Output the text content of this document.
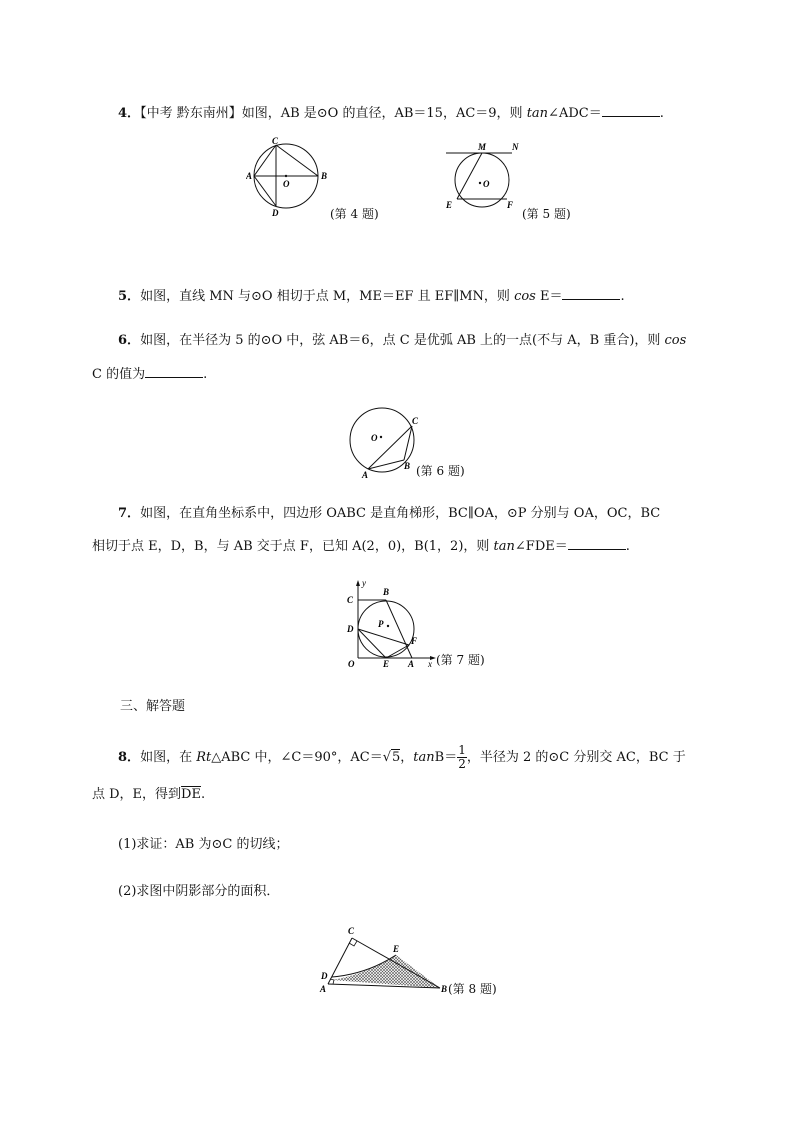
4．【中考 黔东南州】如图，AB 是⊙O 的直径，AB＝15，AC＝9，则 tan∠ADC＝	.
C
A
O
B
D	(第 4 题)
M	N
O
E	F
(第 5 题)
5．如图，直线 MN 与⊙O 相切于点 M，ME＝EF 且 EF∥MN，则 cos E＝	.
6．如图，在半径为 5 的⊙O 中，弦 AB＝6，点 C 是优弧 AB 上的一点(不与 A，B 重合)，则 cos
C 的值为	.
O
C
B
A	(第 6 题)
7．如图，在直角坐标系中，四边形 OABC 是直角梯形，BC∥OA，⊙P 分别与 OA，OC，BC
相切于点 E，D，B，与 AB 交于点 F，已知 A(2，0)，B(1，2)，则 tan∠FDE＝	.
y
x
C
B
D	P
F
O	E A (第 7 题)
三、解答题
8．如图，在 Rt△ABC 中，∠C＝90°，AC＝√5，$\tan B= \frac{1}{2}$ ，半径为 2 的⊙C 分别交 AC，BC 于
点 D，E，得到$\overline{DE}$.
(1)求证：AB 为⊙C 的切线；
(2)求图中阴影部分的面积．
C
E
D
A	B (第 8 题)
